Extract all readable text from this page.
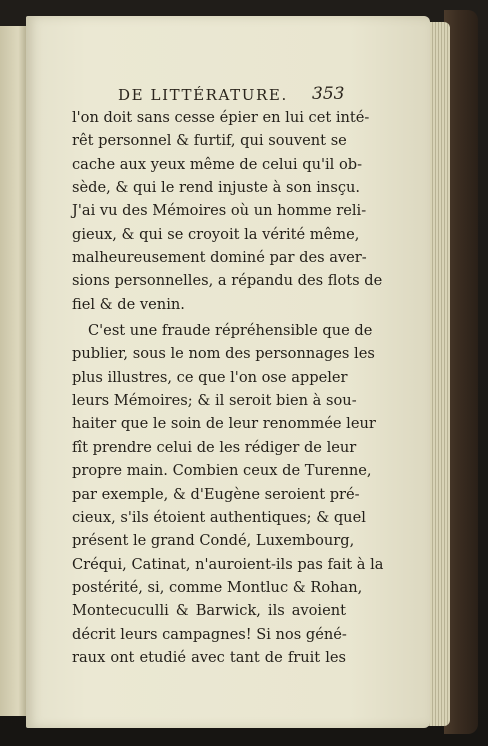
DE LITTÉRATURE. 353
l'on doit sans cesse épier en lui cet inté-
rêt personnel & furtif, qui souvent se
cache aux yeux même de celui qu'il ob-
sède, & qui le rend injuste à son insçu.
J'ai vu des Mémoires où un homme reli-
gieux, & qui se croyoit la vérité même,
malheureusement dominé par des aver-
sions personnelles, a répandu des flots de
fiel & de venin.
C'est une fraude répréhensible que de
publier, sous le nom des personnages les
plus illustres, ce que l'on ose appeler
leurs Mémoires; & il seroit bien à sou-
haiter que le soin de leur renommée leur
fît prendre celui de les rédiger de leur
propre main. Combien ceux de Turenne,
par exemple, & d'Eugène seroient pré-
cieux, s'ils étoient authentiques; & quel
présent le grand Condé, Luxembourg,
Créqui, Catinat, n'auroient-ils pas fait à la
postérité, si, comme Montluc & Rohan,
Montecuculli & Barwick, ils avoient
décrit leurs campagnes! Si nos géné-
raux ont etudié avec tant de fruit les
